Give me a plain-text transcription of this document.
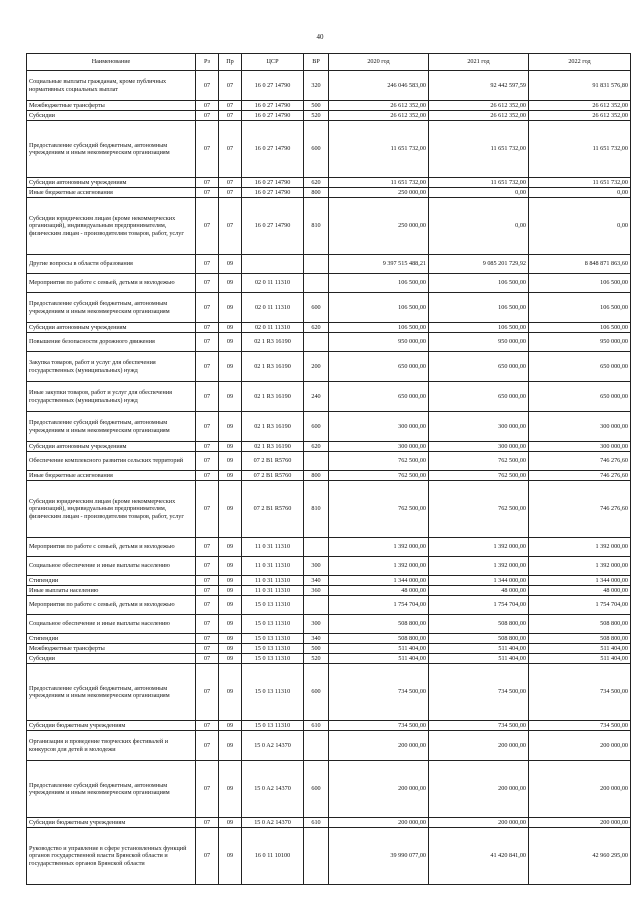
40
Наименование	Рз	Пр	ЦСР	ВР	2020 год	2021 год	2022 год
Социальные выплаты гражданам, кроме публичных нормативных социальных выплат	07	07	16 0 27 14790	320	246 046 583,00	92 442 597,59	91 831 576,80
Межбюджетные трансферты	07	07	16 0 27 14790	500	26 612 352,00	26 612 352,00	26 612 352,00
Субсидии	07	07	16 0 27 14790	520	26 612 352,00	26 612 352,00	26 612 352,00
Предоставление субсидий бюджетным, автономным учреждениям и иным некоммерческим организациям	07	07	16 0 27 14790	600	11 651 732,00	11 651 732,00	11 651 732,00
Субсидии автономным учреждениям	07	07	16 0 27 14790	620	11 651 732,00	11 651 732,00	11 651 732,00
Иные бюджетные ассигнования	07	07	16 0 27 14790	800	250 000,00	0,00	0,00
Субсидии юридическим лицам (кроме некоммерческих организаций), индивидуальным предпринимателям, физическим лицам - производителям товаров, работ, услуг	07	07	16 0 27 14790	810	250 000,00	0,00	0,00
Другие вопросы в области образования	07	09			9 397 515 488,21	9 085 201 729,92	8 848 871 863,60
Мероприятия по работе с семьей, детьми и молодежью	07	09	02 0 11 11310		106 500,00	106 500,00	106 500,00
Предоставление субсидий бюджетным, автономным учреждениям и иным некоммерческим организациям	07	09	02 0 11 11310	600	106 500,00	106 500,00	106 500,00
Субсидии автономным учреждениям	07	09	02 0 11 11310	620	106 500,00	106 500,00	106 500,00
Повышение безопасности дорожного движения	07	09	02 1 R3 16190		950 000,00	950 000,00	950 000,00
Закупка товаров, работ и услуг для обеспечения государственных (муниципальных) нужд	07	09	02 1 R3 16190	200	650 000,00	650 000,00	650 000,00
Иные закупки товаров, работ и услуг для обеспечения государственных (муниципальных) нужд	07	09	02 1 R3 16190	240	650 000,00	650 000,00	650 000,00
Предоставление субсидий бюджетным, автономным учреждениям и иным некоммерческим организациям	07	09	02 1 R3 16190	600	300 000,00	300 000,00	300 000,00
Субсидии автономным учреждениям	07	09	02 1 R3 16190	620	300 000,00	300 000,00	300 000,00
Обеспечение комплексного развития сельских территорий	07	09	07 2 B1 R5760		762 500,00	762 500,00	746 276,60
Иные бюджетные ассигнования	07	09	07 2 B1 R5760	800	762 500,00	762 500,00	746 276,60
Субсидии юридическим лицам (кроме некоммерческих организаций), индивидуальным предпринимателям, физическим лицам - производителям товаров, работ, услуг	07	09	07 2 B1 R5760	810	762 500,00	762 500,00	746 276,60
Мероприятия по работе с семьей, детьми и молодежью	07	09	11 0 31 11310		1 392 000,00	1 392 000,00	1 392 000,00
Социальное обеспечение и иные выплаты населению	07	09	11 0 31 11310	300	1 392 000,00	1 392 000,00	1 392 000,00
Стипендии	07	09	11 0 31 11310	340	1 344 000,00	1 344 000,00	1 344 000,00
Иные выплаты населению	07	09	11 0 31 11310	360	48 000,00	48 000,00	48 000,00
Мероприятия по работе с семьей, детьми и молодежью	07	09	15 0 13 11310		1 754 704,00	1 754 704,00	1 754 704,00
Социальное обеспечение и иные выплаты населению	07	09	15 0 13 11310	300	508 800,00	508 800,00	508 800,00
Стипендии	07	09	15 0 13 11310	340	508 800,00	508 800,00	508 800,00
Межбюджетные трансферты	07	09	15 0 13 11310	500	511 404,00	511 404,00	511 404,00
Субсидии	07	09	15 0 13 11310	520	511 404,00	511 404,00	511 404,00
Предоставление субсидий бюджетным, автономным учреждениям и иным некоммерческим организациям	07	09	15 0 13 11310	600	734 500,00	734 500,00	734 500,00
Субсидии бюджетным учреждениям	07	09	15 0 13 11310	610	734 500,00	734 500,00	734 500,00
Организация и проведение творческих фестивалей и конкурсов для детей и молодежи	07	09	15 0 A2 14370		200 000,00	200 000,00	200 000,00
Предоставление субсидий бюджетным, автономным учреждениям и иным некоммерческим организациям	07	09	15 0 A2 14370	600	200 000,00	200 000,00	200 000,00
Субсидии бюджетным учреждениям	07	09	15 0 A2 14370	610	200 000,00	200 000,00	200 000,00
Руководство и управление в сфере установленных функций органов государственной власти Брянской области и государственных органов Брянской области	07	09	16 0 11 10100		39 990 077,00	41 420 841,00	42 960 295,00
